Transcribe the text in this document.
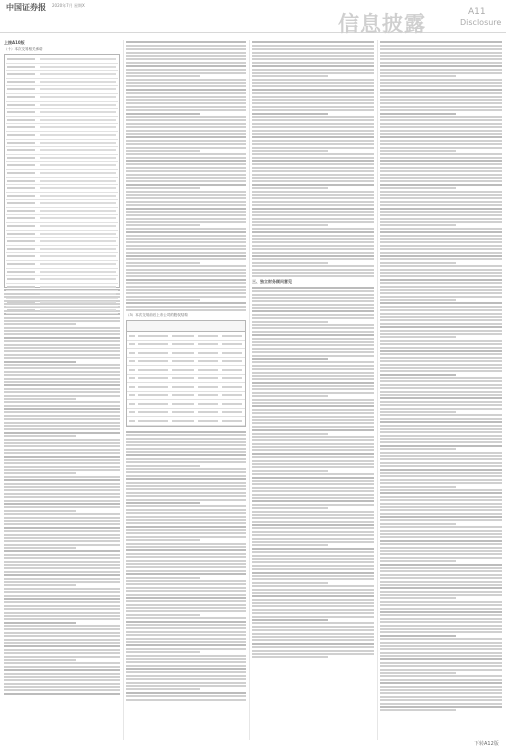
中国证券报 2020年7月 星期X
信息披露	A11
Disclosure
上接A10版
（十）本次交易相关承诺
（3）本次交易前后上市公司的股权结构
三、独立财务顾问意见
下转A12版
